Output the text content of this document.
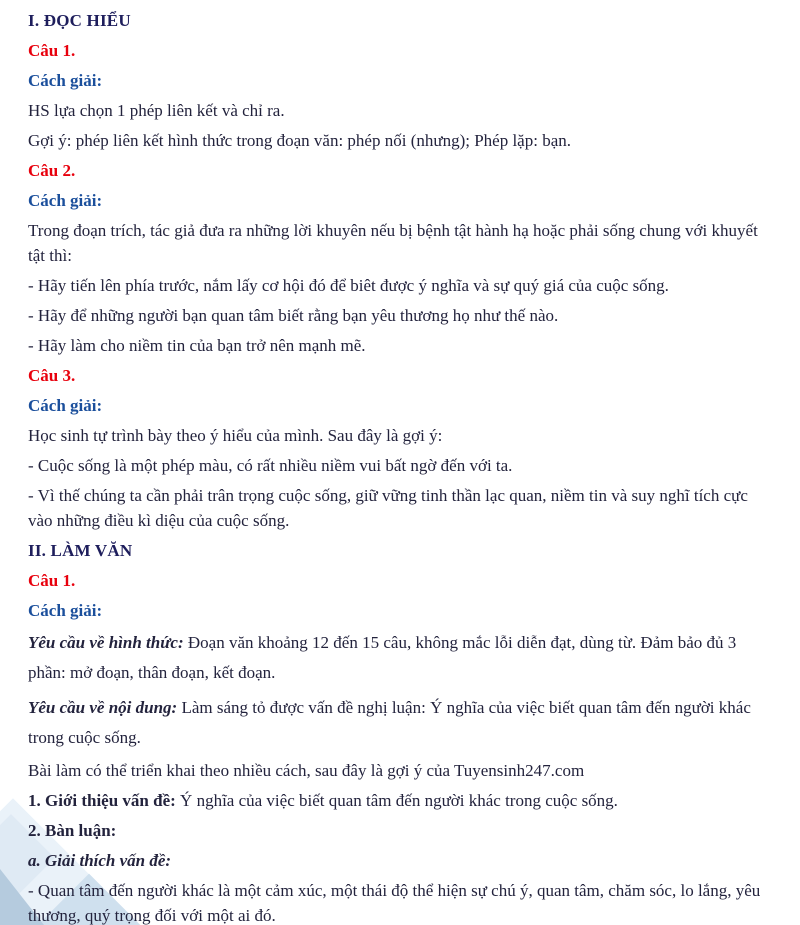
I. ĐỌC HIỂU

Câu 1.

Cách giải:

HS lựa chọn 1 phép liên kết và chỉ ra.

Gợi ý: phép liên kết hình thức trong đoạn văn: phép nối (nhưng); Phép lặp: bạn.

Câu 2.

Cách giải:

Trong đoạn trích, tác giả đưa ra những lời khuyên nếu bị bệnh tật hành hạ hoặc phải sống chung với khuyết tật thì:

- Hãy tiến lên phía trước, nắm lấy cơ hội đó để biêt được ý nghĩa và sự quý giá của cuộc sống.

- Hãy để những người bạn quan tâm biết rằng bạn yêu thương họ như thế nào.

- Hãy làm cho niềm tin của bạn trở nên mạnh mẽ.

Câu 3.

Cách giải:

Học sinh tự trình bày theo ý hiểu của mình. Sau đây là gợi ý:

- Cuộc sống là một phép màu, có rất nhiều niềm vui bất ngờ đến với ta.

- Vì thế chúng ta cần phải trân trọng cuộc sống, giữ vững tinh thần lạc quan, niềm tin và suy nghĩ tích cực vào những điều kì diệu của cuộc sống.

II. LÀM VĂN

Câu 1.

Cách giải:

Yêu cầu về hình thức: Đoạn văn khoảng 12 đến 15 câu, không mắc lỗi diễn đạt, dùng từ. Đảm bảo đủ 3 phần: mở đoạn, thân đoạn, kết đoạn.

Yêu cầu về nội dung: Làm sáng tỏ được vấn đề nghị luận: Ý nghĩa của việc biết quan tâm đến người khác trong cuộc sống.

Bài làm có thể triển khai theo nhiều cách, sau đây là gợi ý của Tuyensinh247.com

1. Giới thiệu vấn đề: Ý nghĩa của việc biết quan tâm đến người khác trong cuộc sống.

2. Bàn luận:

a. Giải thích vấn đề:

- Quan tâm đến người khác là một cảm xúc, một thái độ thể hiện sự chú ý, quan tâm, chăm sóc, lo lắng, yêu thương, quý trọng đối với một ai đó.
